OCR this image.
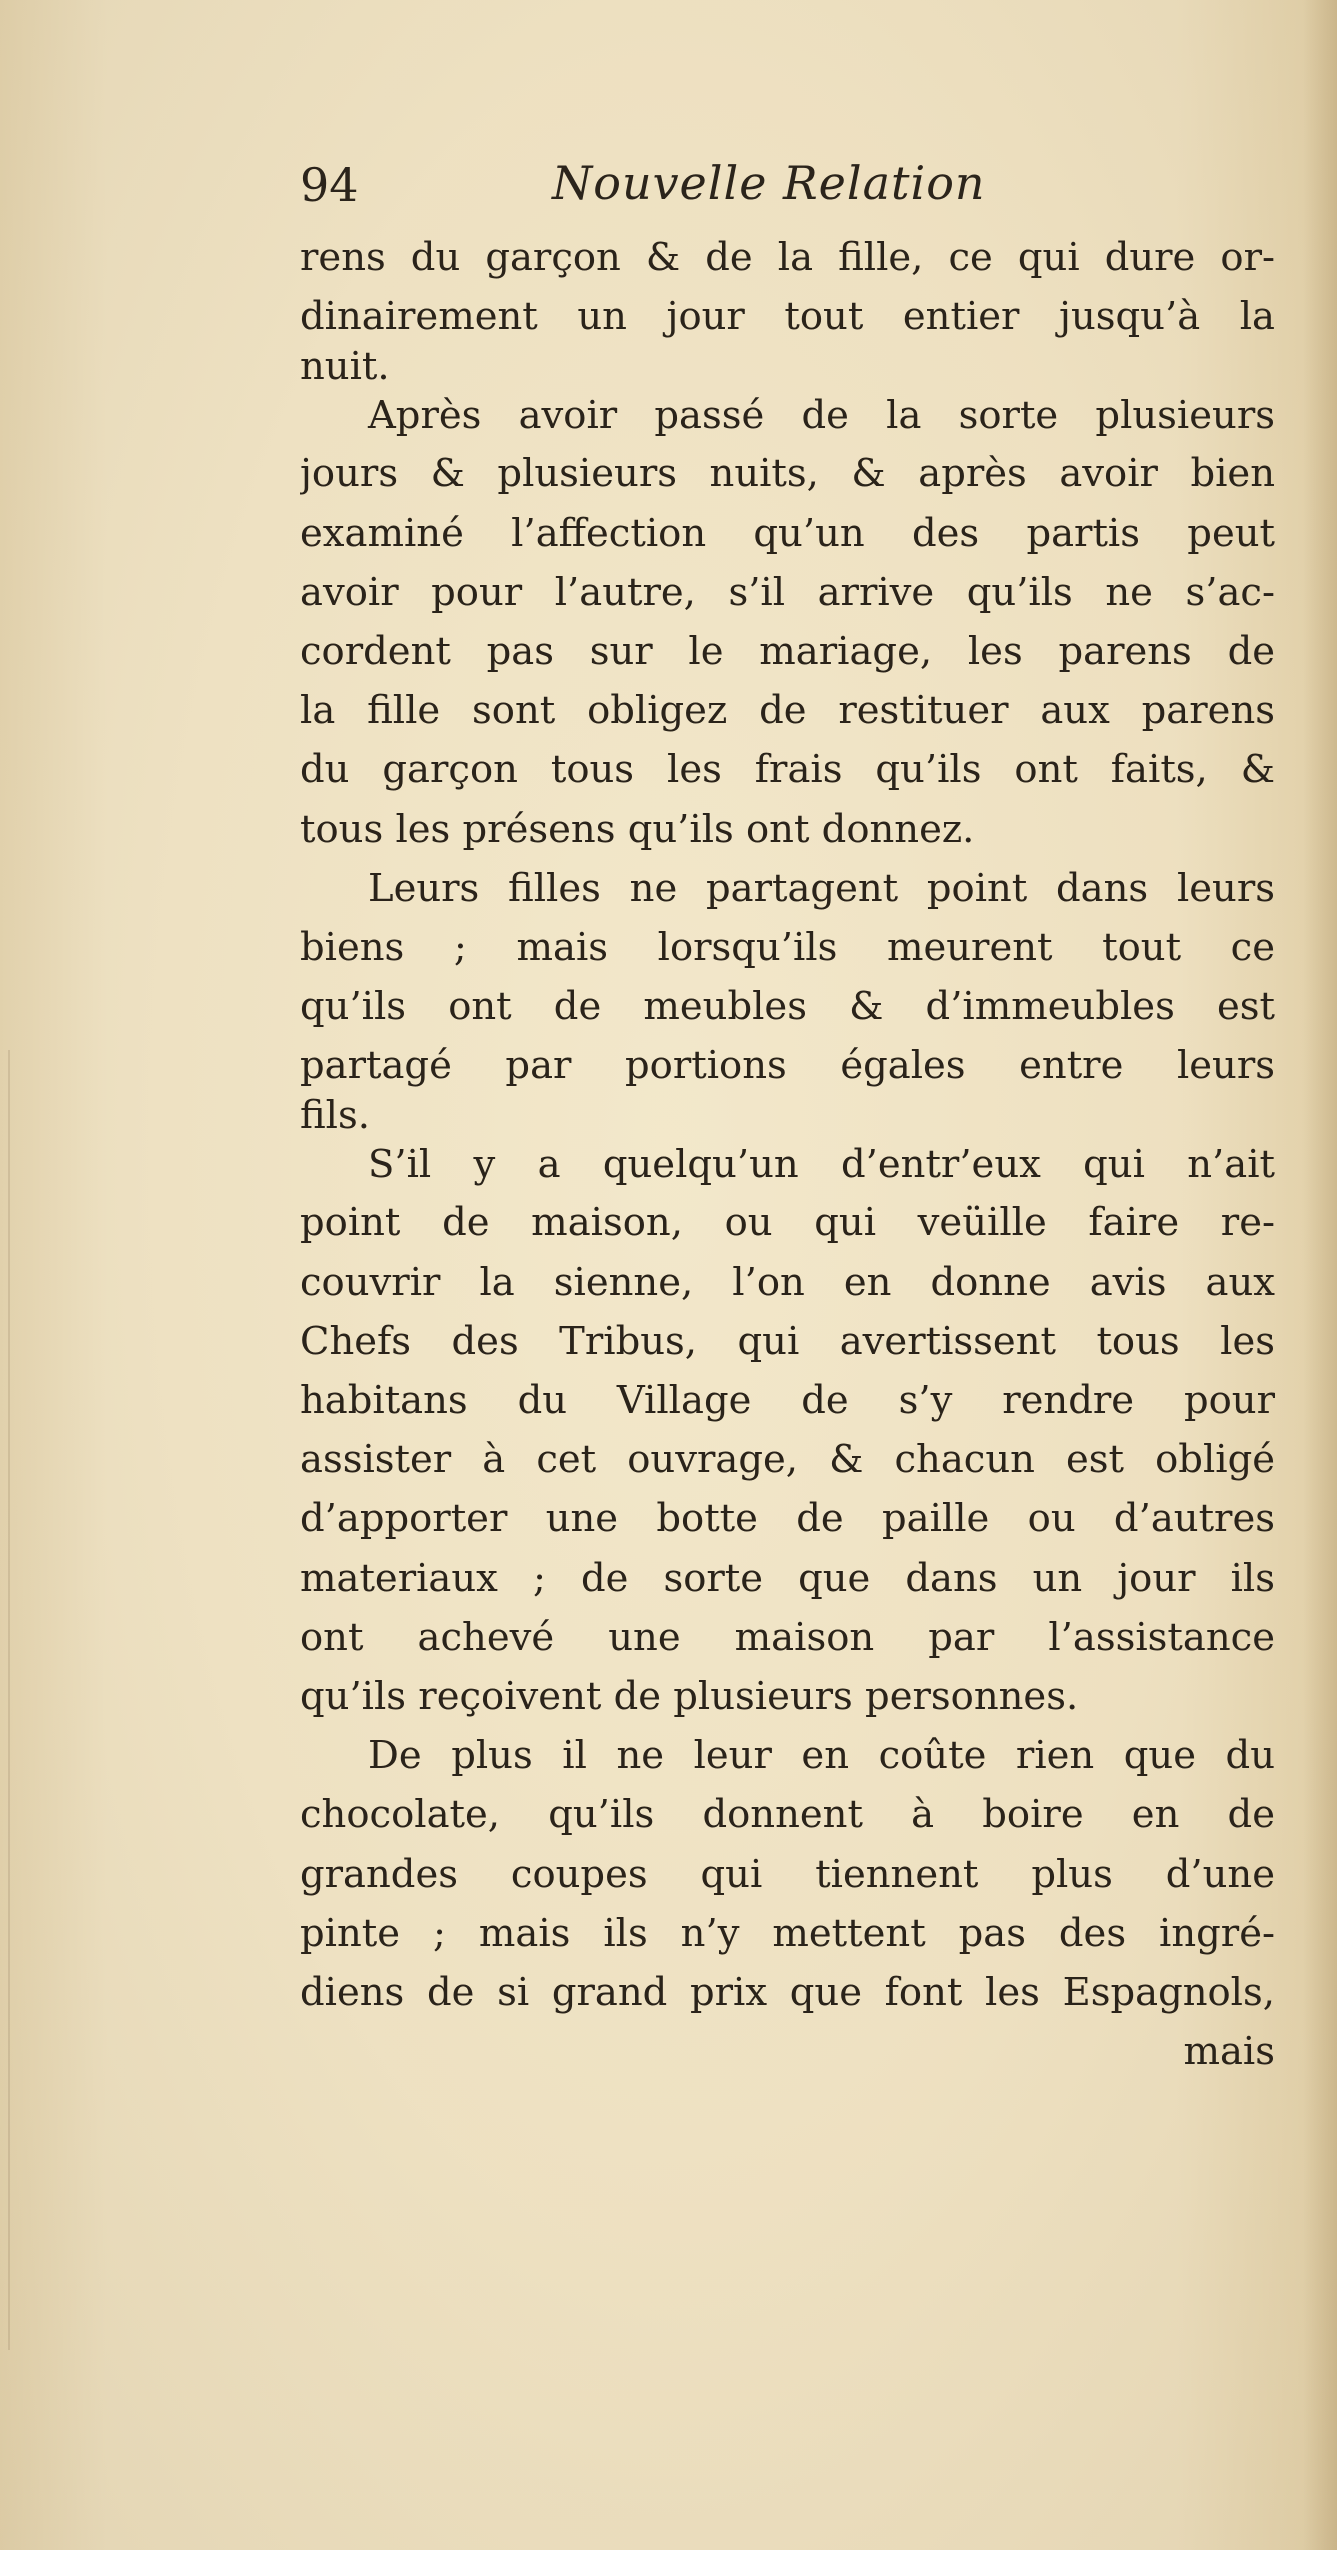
94	Nouvelle Relation
rens du garçon & de la fille, ce qui dure or-
dinairement un jour tout entier jusqu’à la
nuit.
Après avoir passé de la sorte plusieurs
jours & plusieurs nuits, & après avoir bien
examiné l’affection qu’un des partis peut
avoir pour l’autre, s’il arrive qu’ils ne s’ac-
cordent pas sur le mariage, les parens de
la fille sont obligez de restituer aux parens
du garçon tous les frais qu’ils ont faits, &
tous les présens qu’ils ont donnez.
Leurs filles ne partagent point dans leurs
biens ; mais lorsqu’ils meurent tout ce
qu’ils ont de meubles & d’immeubles est
partagé par portions égales entre leurs
fils.
S’il y a quelqu’un d’entr’eux qui n’ait
point de maison, ou qui veüille faire re-
couvrir la sienne, l’on en donne avis aux
Chefs des Tribus, qui avertissent tous les
habitans du Village de s’y rendre pour
assister à cet ouvrage, & chacun est obligé
d’apporter une botte de paille ou d’autres
materiaux ; de sorte que dans un jour ils
ont achevé une maison par l’assistance
qu’ils reçoivent de plusieurs personnes.
De plus il ne leur en coûte rien que du
chocolate, qu’ils donnent à boire en de
grandes coupes qui tiennent plus d’une
pinte ; mais ils n’y mettent pas des ingré-
diens de si grand prix que font les Espagnols,
mais
